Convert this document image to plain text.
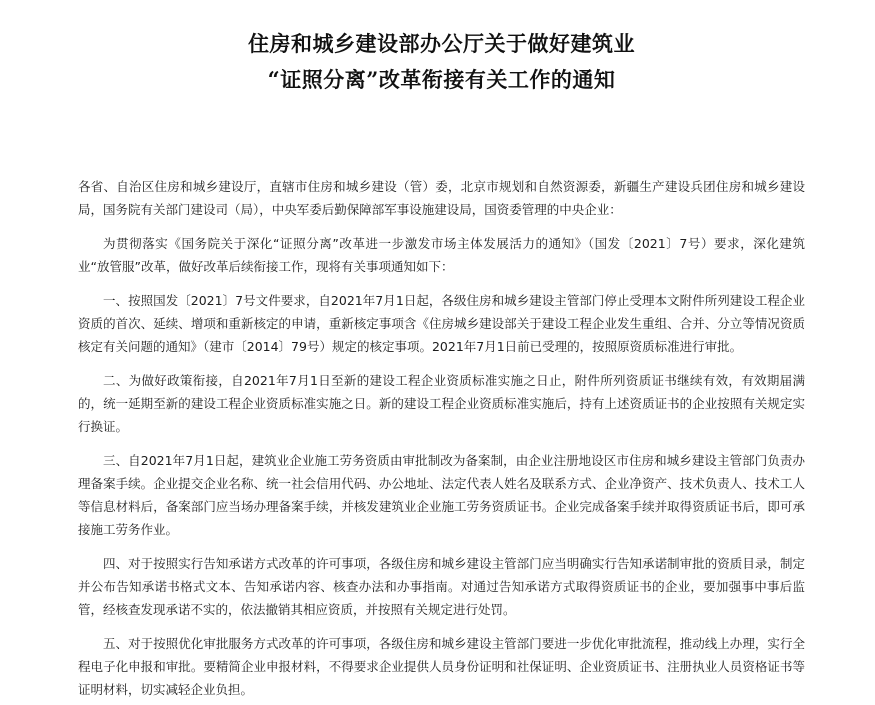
住房和城乡建设部办公厅关于做好建筑业
“证照分离”改革衔接有关工作的通知

各省、自治区住房和城乡建设厅，直辖市住房和城乡建设（管）委，北京市规划和自然资源委，新疆生产建设兵团住房和城乡建设局，国务院有关部门建设司（局），中央军委后勤保障部军事设施建设局，国资委管理的中央企业：

为贯彻落实《国务院关于深化“证照分离”改革进一步激发市场主体发展活力的通知》（国发〔2021〕7号）要求，深化建筑业“放管服”改革，做好改革后续衔接工作，现将有关事项通知如下：

一、按照国发〔2021〕7号文件要求，自2021年7月1日起，各级住房和城乡建设主管部门停止受理本文附件所列建设工程企业资质的首次、延续、增项和重新核定的申请，重新核定事项含《住房城乡建设部关于建设工程企业发生重组、合并、分立等情况资质核定有关问题的通知》（建市〔2014〕79号）规定的核定事项。2021年7月1日前已受理的，按照原资质标准进行审批。

二、为做好政策衔接，自2021年7月1日至新的建设工程企业资质标准实施之日止，附件所列资质证书继续有效，有效期届满的，统一延期至新的建设工程企业资质标准实施之日。新的建设工程企业资质标准实施后，持有上述资质证书的企业按照有关规定实行换证。

三、自2021年7月1日起，建筑业企业施工劳务资质由审批制改为备案制，由企业注册地设区市住房和城乡建设主管部门负责办理备案手续。企业提交企业名称、统一社会信用代码、办公地址、法定代表人姓名及联系方式、企业净资产、技术负责人、技术工人等信息材料后，备案部门应当场办理备案手续，并核发建筑业企业施工劳务资质证书。企业完成备案手续并取得资质证书后，即可承接施工劳务作业。

四、对于按照实行告知承诺方式改革的许可事项，各级住房和城乡建设主管部门应当明确实行告知承诺制审批的资质目录，制定并公布告知承诺书格式文本、告知承诺内容、核查办法和办事指南。对通过告知承诺方式取得资质证书的企业，要加强事中事后监管，经核查发现承诺不实的，依法撤销其相应资质，并按照有关规定进行处罚。

五、对于按照优化审批服务方式改革的许可事项，各级住房和城乡建设主管部门要进一步优化审批流程，推动线上办理，实行全程电子化申报和审批。要精简企业申报材料，不得要求企业提供人员身份证明和社保证明、企业资质证书、注册执业人员资格证书等证明材料，切实减轻企业负担。
